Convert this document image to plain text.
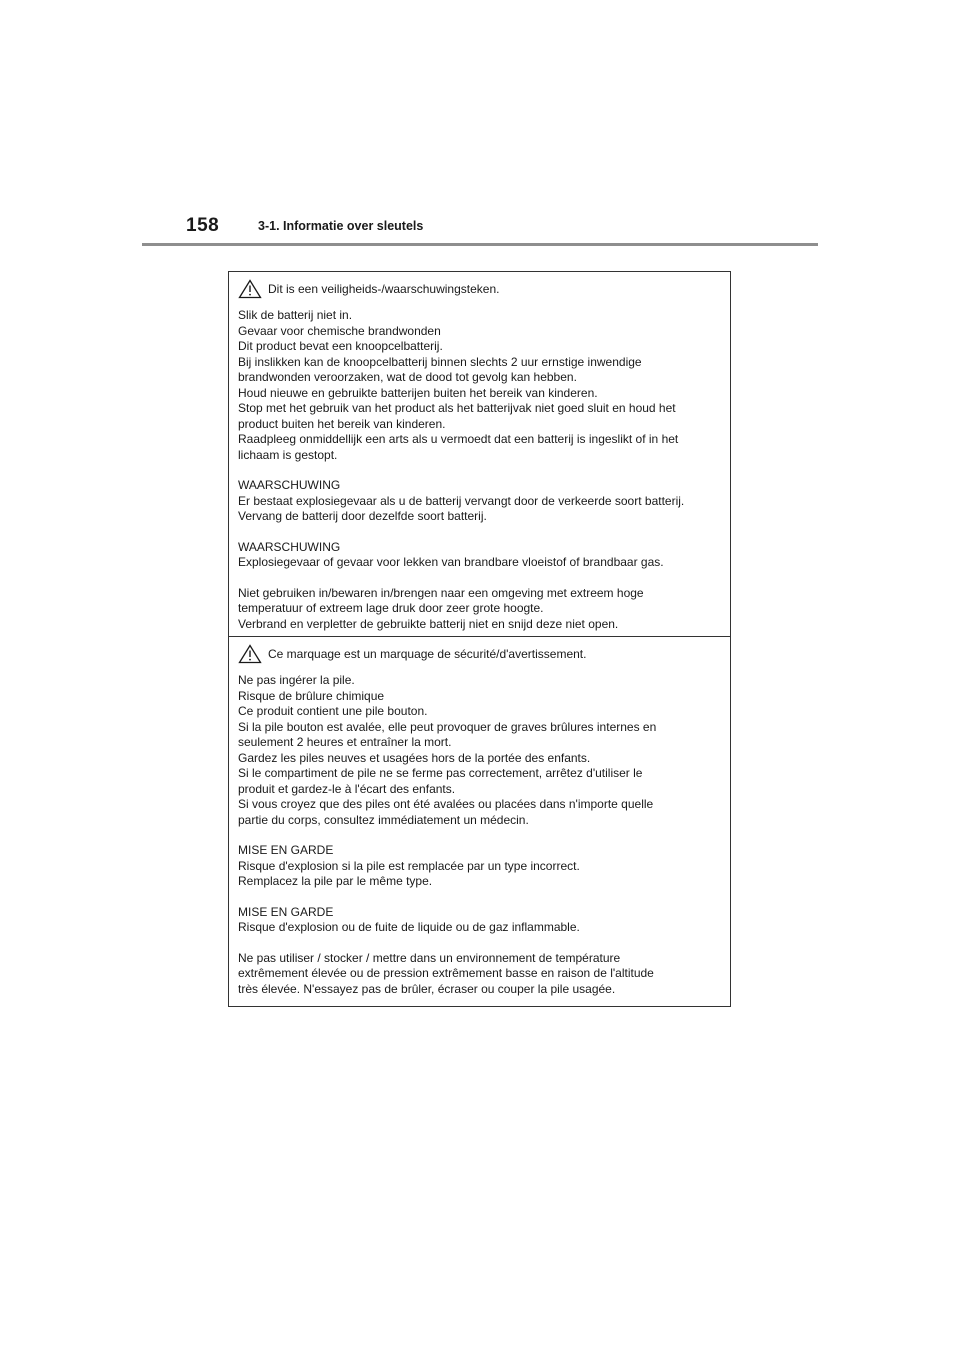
158	3-1. Informatie over sleutels
Dit is een veiligheids-/waarschuwingsteken.
Slik de batterij niet in.
Gevaar voor chemische brandwonden
Dit product bevat een knoopcelbatterij.
Bij inslikken kan de knoopcelbatterij binnen slechts 2 uur ernstige inwendige
brandwonden veroorzaken, wat de dood tot gevolg kan hebben.
Houd nieuwe en gebruikte batterijen buiten het bereik van kinderen.
Stop met het gebruik van het product als het batterijvak niet goed sluit en houd het
product buiten het bereik van kinderen.
Raadpleeg onmiddellijk een arts als u vermoedt dat een batterij is ingeslikt of in het
lichaam is gestopt.
WAARSCHUWING
Er bestaat explosiegevaar als u de batterij vervangt door de verkeerde soort batterij.
Vervang de batterij door dezelfde soort batterij.
WAARSCHUWING
Explosiegevaar of gevaar voor lekken van brandbare vloeistof of brandbaar gas.
Niet gebruiken in/bewaren in/brengen naar een omgeving met extreem hoge
temperatuur of extreem lage druk door zeer grote hoogte.
Verbrand en verpletter de gebruikte batterij niet en snijd deze niet open.
Ce marquage est un marquage de sécurité/d'avertissement.
Ne pas ingérer la pile.
Risque de brûlure chimique
Ce produit contient une pile bouton.
Si la pile bouton est avalée, elle peut provoquer de graves brûlures internes en
seulement 2 heures et entraîner la mort.
Gardez les piles neuves et usagées hors de la portée des enfants.
Si le compartiment de pile ne se ferme pas correctement, arrêtez d'utiliser le
produit et gardez-le à l'écart des enfants.
Si vous croyez que des piles ont été avalées ou placées dans n'importe quelle
partie du corps, consultez immédiatement un médecin.
MISE EN GARDE
Risque d'explosion si la pile est remplacée par un type incorrect.
Remplacez la pile par le même type.
MISE EN GARDE
Risque d'explosion ou de fuite de liquide ou de gaz inflammable.
Ne pas utiliser / stocker / mettre dans un environnement de température
extrêmement élevée ou de pression extrêmement basse en raison de l'altitude
très élevée. N'essayez pas de brûler, écraser ou couper la pile usagée.
